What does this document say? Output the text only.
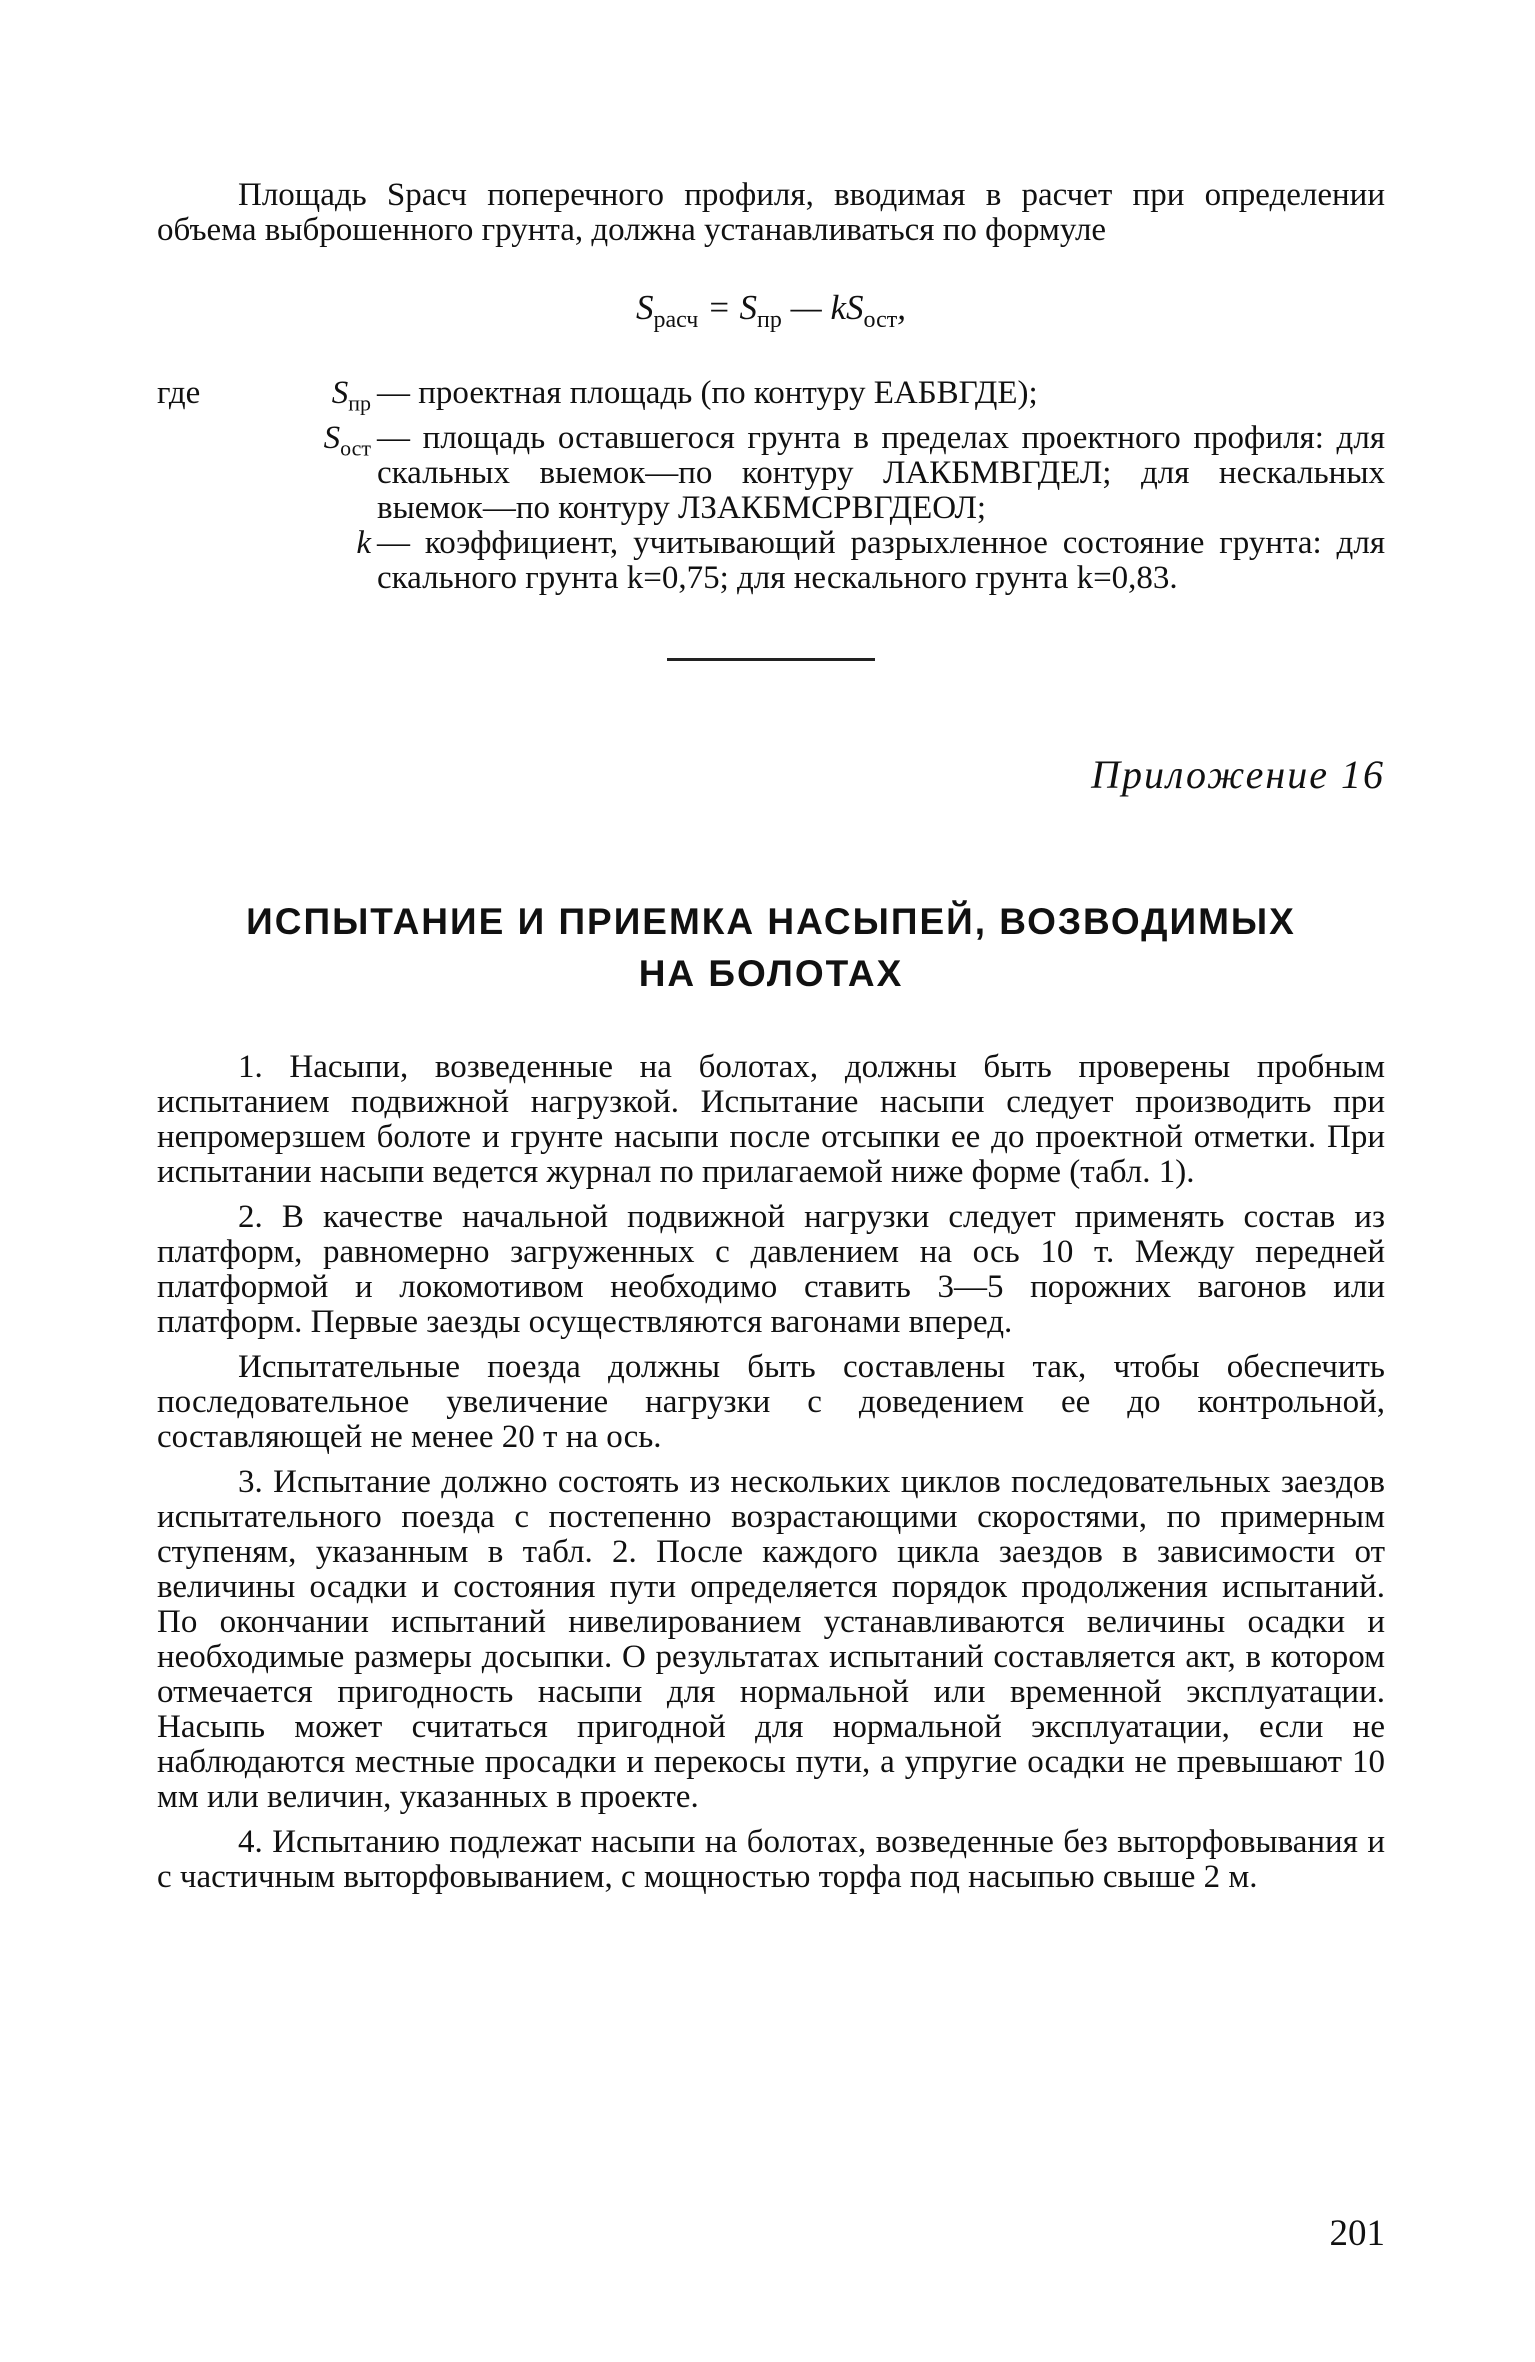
Площадь Sрасч поперечного профиля, вводимая в расчет при определении объема выброшенного грунта, должна устанавливаться по формуле

$S_{расч} = S_{пр}$ — $kS_{ост}$,
где	$S_{пр}$ — проектная площадь (по контуру ЕАБВГДЕ);
$S_{ост}$ — площадь оставшегося грунта в пределах проектного профиля: для скальных выемок—по контуру ЛАКБМВГДЕЛ; для нескальных выемок—по контуру ЛЗАКБМСРВГДЕОЛ;
k — коэффициент, учитывающий разрыхленное состояние грунта: для скального грунта k=0,75; для нескального грунта k=0,83.

Приложение 16

ИСПЫТАНИЕ И ПРИЕМКА НАСЫПЕЙ, ВОЗВОДИМЫХ
НА БОЛОТАХ

1. Насыпи, возведенные на болотах, должны быть проверены пробным испытанием подвижной нагрузкой. Испытание насыпи следует производить при непромерзшем болоте и грунте насыпи после отсыпки ее до проектной отметки. При испытании насыпи ведется журнал по прилагаемой ниже форме (табл. 1).

2. В качестве начальной подвижной нагрузки следует применять состав из платформ, равномерно загруженных с давлением на ось 10 т. Между передней платформой и локомотивом необходимо ставить 3—5 порожних вагонов или платформ. Первые заезды осуществляются вагонами вперед.

Испытательные поезда должны быть составлены так, чтобы обеспечить последовательное увеличение нагрузки с доведением ее до контрольной, составляющей не менее 20 т на ось.

3. Испытание должно состоять из нескольких циклов последовательных заездов испытательного поезда с постепенно возрастающими скоростями, по примерным ступеням, указанным в табл. 2. После каждого цикла заездов в зависимости от величины осадки и состояния пути определяется порядок продолжения испытаний. По окончании испытаний нивелированием устанавливаются величины осадки и необходимые размеры досыпки. О результатах испытаний составляется акт, в котором отмечается пригодность насыпи для нормальной или временной эксплуатации. Насыпь может считаться пригодной для нормальной эксплуатации, если не наблюдаются местные просадки и перекосы пути, а упругие осадки не превышают 10 мм или величин, указанных в проекте.

4. Испытанию подлежат насыпи на болотах, возведенные без выторфовывания и с частичным выторфовыванием, с мощностью торфа под насыпью свыше 2 м.

201
